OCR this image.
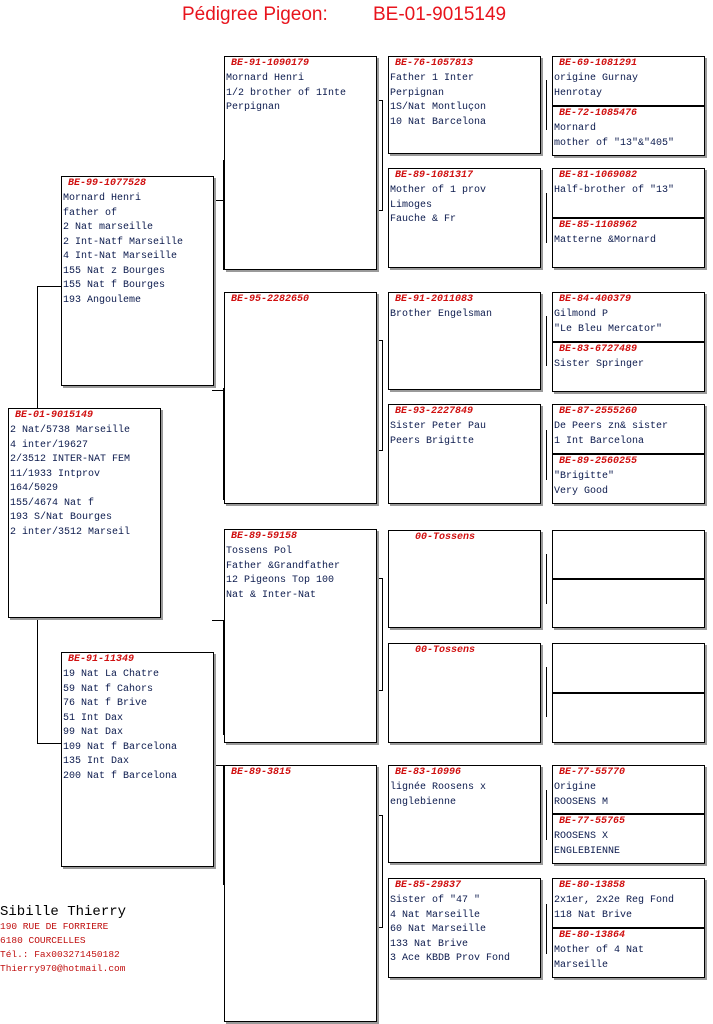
Pédigree Pigeon: BE-01-9015149
BE-01-9015149
2 Nat/5738 Marseille
4 inter/19627
2/3512 INTER-NAT FEM
11/1933 Intprov
164/5029
155/4674 Nat f
193 S/Nat Bourges
2 inter/3512 Marseil
BE-99-1077528
Mornard Henri
father of
2 Nat marseille
2 Int-Natf Marseille
4 Int-Nat Marseille
155 Nat z Bourges
155 Nat f Bourges
193 Angouleme
BE-91-11349
19 Nat La Chatre
59 Nat f Cahors
76 Nat f Brive
51 Int Dax
99 Nat Dax
109 Nat f Barcelona
135 Int Dax
200 Nat f Barcelona
BE-91-1090179
Mornard Henri
1/2 brother of 1Inte
Perpignan
BE-95-2282650
BE-89-59158
Tossens Pol
Father &Grandfather
12 Pigeons Top 100
Nat & Inter-Nat
BE-89-3815
BE-76-1057813
Father 1 Inter
Perpignan
1S/Nat Montluçon
10 Nat Barcelona
BE-89-1081317
Mother of 1 prov
Limoges
Fauche & Fr
BE-91-2011083
Brother Engelsman
BE-93-2227849
Sister Peter Pau
Peers Brigitte
00-Tossens
00-Tossens
BE-83-10996
lignée Roosens x
englebienne
BE-85-29837
Sister of "47 "
4 Nat Marseille
60 Nat Marseille
133 Nat Brive
3 Ace KBDB Prov Fond
BE-69-1081291
origine Gurnay
Henrotay
BE-72-1085476
Mornard
mother of "13"&"405"
BE-81-1069082
Half-brother of "13"
BE-85-1108962
Matterne &Mornard
BE-84-400379
Gilmond P
"Le Bleu Mercator"
BE-83-6727489
Sister Springer
BE-87-2555260
De Peers zn& sister
1 Int Barcelona
BE-89-2560255
"Brigitte"
Very Good
BE-77-55770
Origine
ROOSENS M
BE-77-55765
ROOSENS X
ENGLEBIENNE
BE-80-13858
2x1er, 2x2e Reg Fond
118 Nat Brive
BE-80-13864
Mother of 4 Nat
Marseille
Sibille Thierry
190 RUE DE FORRIERE
6180 COURCELLES
Tél.: Fax003271450182
Thierry970@hotmail.com
